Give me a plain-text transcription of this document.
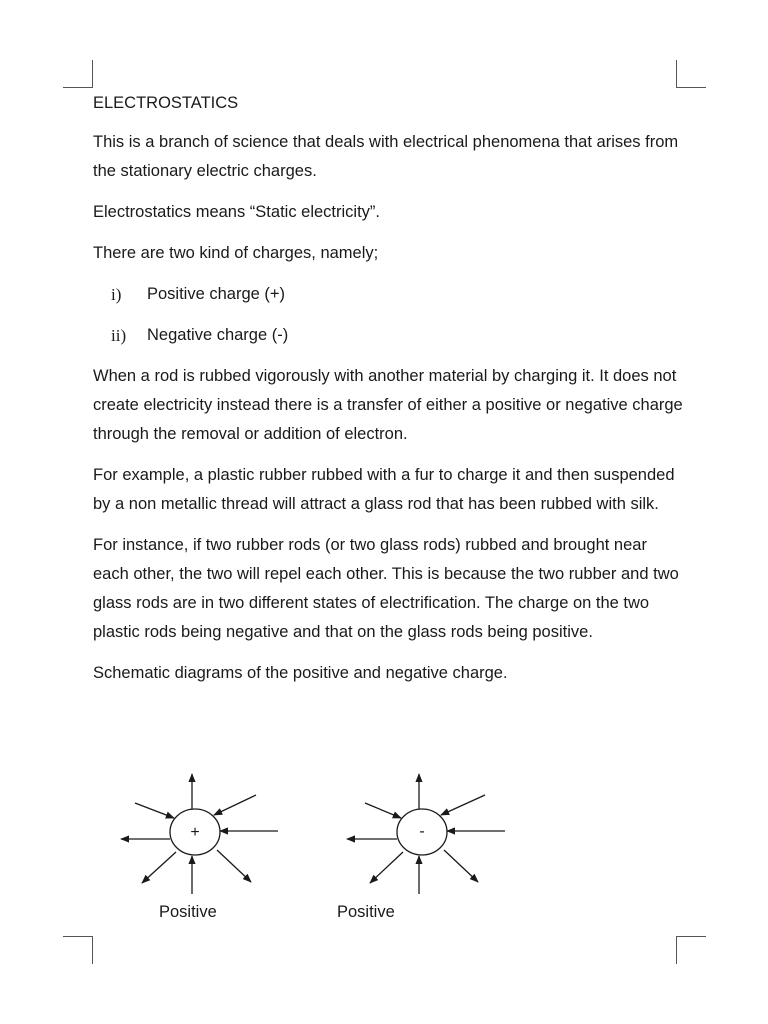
ELECTROSTATICS

This is a branch of science that deals with electrical phenomena that arises from the stationary electric charges.

Electrostatics means “Static electricity”.

There are two kind of charges, namely;

i)	Positive charge (+)
ii)	Negative charge (-)

When a rod is rubbed vigorously with another material by charging it. It does not create electricity instead there is a transfer of either a positive or negative charge through the removal or addition of electron.

For example, a plastic rubber rubbed with a fur to charge it and then suspended by a non metallic thread will attract a glass rod that has been rubbed with silk.

For instance, if two rubber rods (or two glass rods) rubbed and brought near each other, the two will repel each other. This is because the two rubber and two glass rods are in two different states of electrification. The charge on the two plastic rods being negative and that on the glass rods being positive.

Schematic diagrams of the positive and negative charge.

+	-
Positive	Positive
